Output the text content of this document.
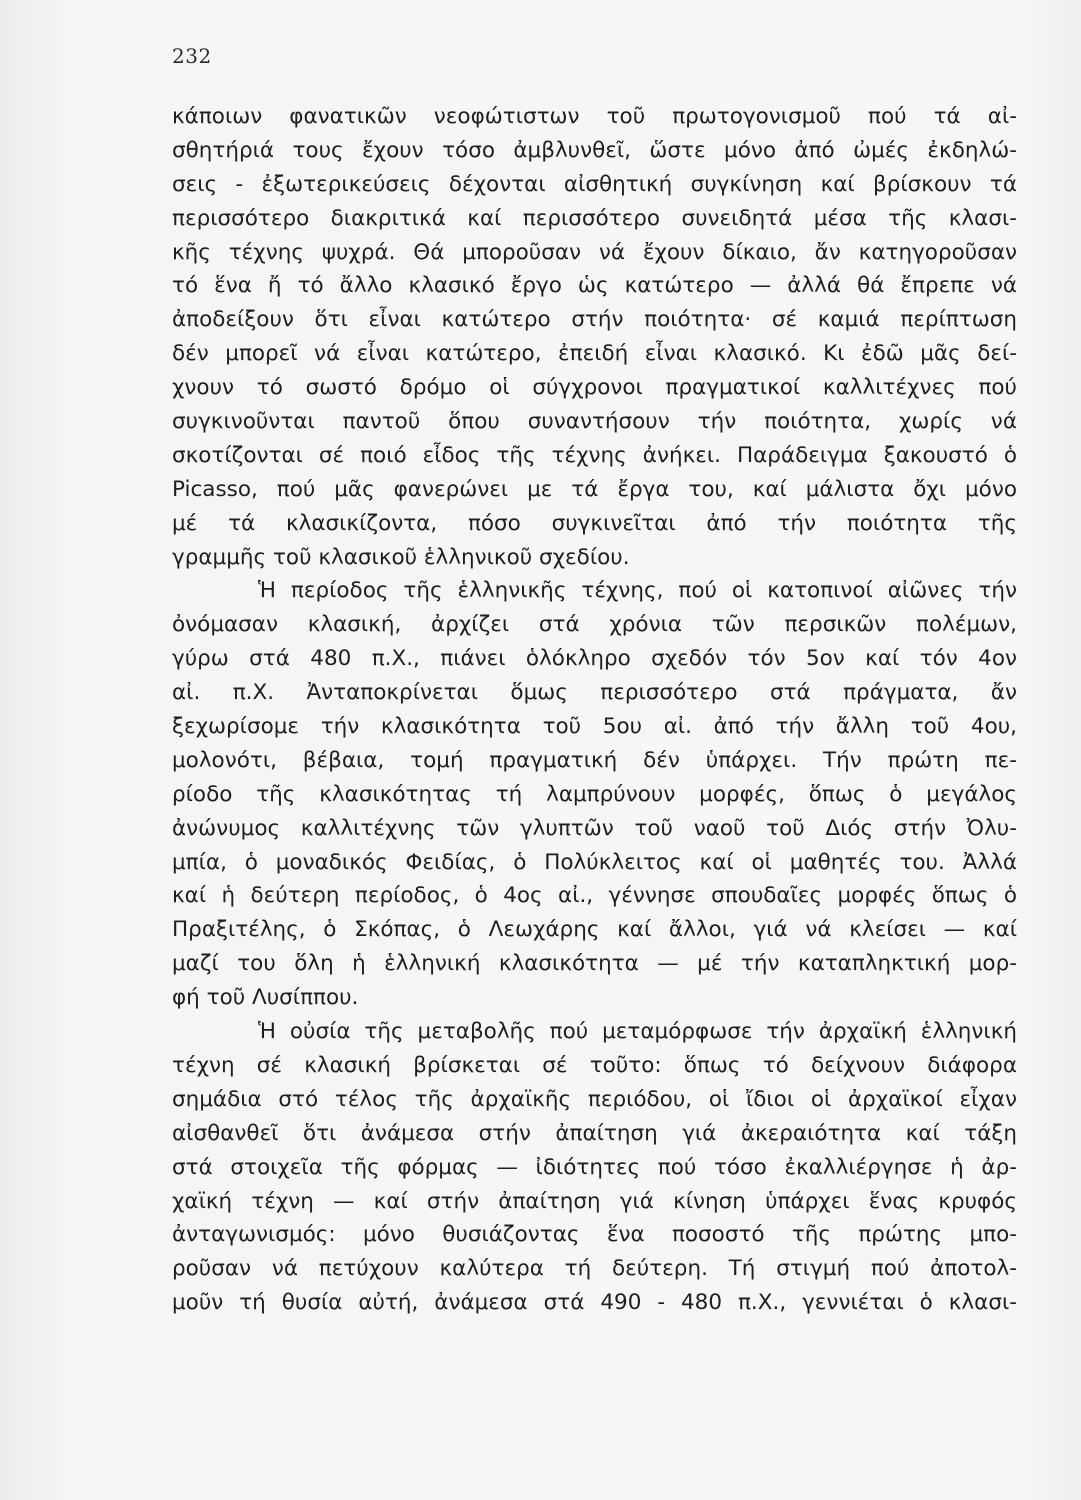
232
κάποιων φανατικῶν νεοφώτιστων τοῦ πρωτογονισμοῦ πού τά αἰ-
σθητήριά τους ἔχουν τόσο ἀμβλυνθεῖ, ὥστε μόνο ἀπό ὠμές ἐκδηλώ-
σεις - ἐξωτερικεύσεις δέχονται αἰσθητική συγκίνηση καί βρίσκουν τά
περισσότερο διακριτικά καί περισσότερο συνειδητά μέσα τῆς κλασι-
κῆς τέχνης ψυχρά. Θά μποροῦσαν νά ἔχουν δίκαιο, ἄν κατηγοροῦσαν
τό ἕνα ἤ τό ἄλλο κλασικό ἔργο ὡς κατώτερο — ἀλλά θά ἔπρεπε νά
ἀποδείξουν ὅτι εἶναι κατώτερο στήν ποιότητα· σέ καμιά περίπτωση
δέν μπορεῖ νά εἶναι κατώτερο, ἐπειδή εἶναι κλασικό. Κι ἐδῶ μᾶς δεί-
χνουν τό σωστό δρόμο οἱ σύγχρονοι πραγματικοί καλλιτέχνες πού
συγκινοῦνται παντοῦ ὅπου συναντήσουν τήν ποιότητα, χωρίς νά
σκοτίζονται σέ ποιό εἶδος τῆς τέχνης ἀνήκει. Παράδειγμα ξακουστό ὁ
Picasso, πού μᾶς φανερώνει με τά ἔργα του, καί μάλιστα ὄχι μόνο
μέ τά κλασικίζοντα, πόσο συγκινεῖται ἀπό τήν ποιότητα τῆς
γραμμῆς τοῦ κλασικοῦ ἑλληνικοῦ σχεδίου.
Ἡ περίοδος τῆς ἑλληνικῆς τέχνης, πού οἱ κατοπινοί αἰῶνες τήν
ὀνόμασαν κλασική, ἀρχίζει στά χρόνια τῶν περσικῶν πολέμων,
γύρω στά 480 π.Χ., πιάνει ὁλόκληρο σχεδόν τόν 5ον καί τόν 4ον
αἰ. π.Χ. Ἀνταποκρίνεται ὅμως περισσότερο στά πράγματα, ἄν
ξεχωρίσομε τήν κλασικότητα τοῦ 5ου αἰ. ἀπό τήν ἄλλη τοῦ 4ου,
μολονότι, βέβαια, τομή πραγματική δέν ὑπάρχει. Τήν πρώτη πε-
ρίοδο τῆς κλασικότητας τή λαμπρύνουν μορφές, ὅπως ὁ μεγάλος
ἀνώνυμος καλλιτέχνης τῶν γλυπτῶν τοῦ ναοῦ τοῦ Διός στήν Ὀλυ-
μπία, ὁ μοναδικός Φειδίας, ὁ Πολύκλειτος καί οἱ μαθητές του. Ἀλλά
καί ἡ δεύτερη περίοδος, ὁ 4ος αἰ., γέννησε σπουδαῖες μορφές ὅπως ὁ
Πραξιτέλης, ὁ Σκόπας, ὁ Λεωχάρης καί ἄλλοι, γιά νά κλείσει — καί
μαζί του ὅλη ἡ ἑλληνική κλασικότητα — μέ τήν καταπληκτική μορ-
φή τοῦ Λυσίππου.
Ἡ οὐσία τῆς μεταβολῆς πού μεταμόρφωσε τήν ἀρχαϊκή ἑλληνική
τέχνη σέ κλασική βρίσκεται σέ τοῦτο: ὅπως τό δείχνουν διάφορα
σημάδια στό τέλος τῆς ἀρχαϊκῆς περιόδου, οἱ ἴδιοι οἱ ἀρχαϊκοί εἶχαν
αἰσθανθεῖ ὅτι ἀνάμεσα στήν ἀπαίτηση γιά ἀκεραιότητα καί τάξη
στά στοιχεῖα τῆς φόρμας — ἰδιότητες πού τόσο ἐκαλλιέργησε ἡ ἀρ-
χαϊκή τέχνη — καί στήν ἀπαίτηση γιά κίνηση ὑπάρχει ἕνας κρυφός
ἀνταγωνισμός: μόνο θυσιάζοντας ἕνα ποσοστό τῆς πρώτης μπο-
ροῦσαν νά πετύχουν καλύτερα τή δεύτερη. Τή στιγμή πού ἀποτολ-
μοῦν τή θυσία αὐτή, ἀνάμεσα στά 490 - 480 π.Χ., γεννιέται ὁ κλασι-
